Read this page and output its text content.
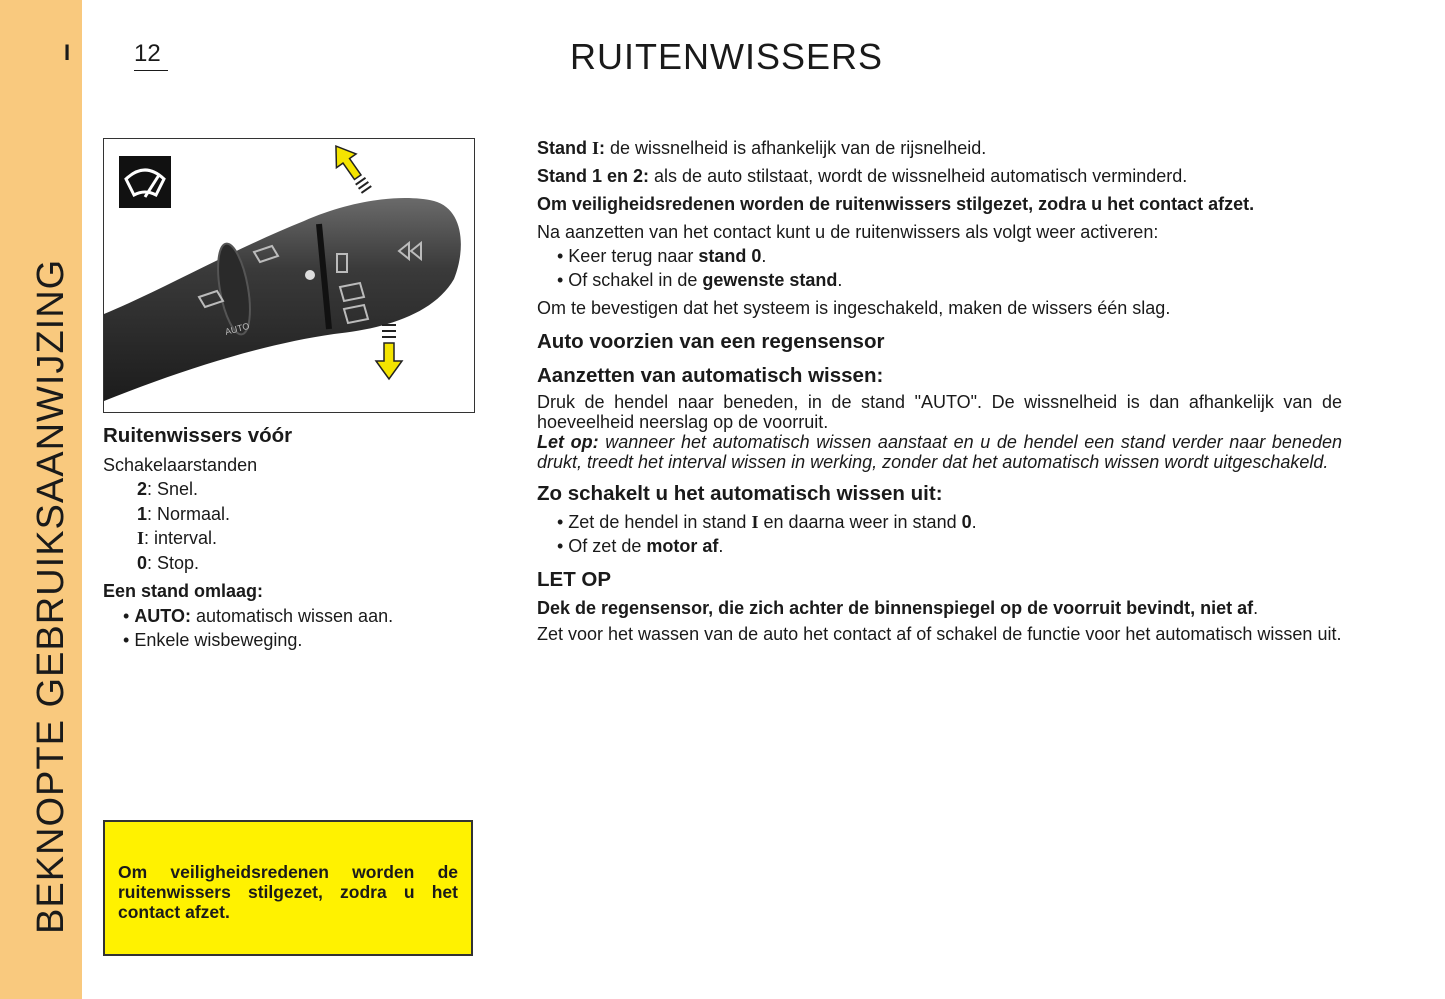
I
BEKNOPTE GEBRUIKSAANWIJZING
12	RUITENWISSERS
AUTO

Ruitenwissers vóór

Schakelaarstanden

2: Snel.

1: Normaal.

I: interval.

0: Stop.

Een stand omlaag:

• AUTO: automatisch wissen aan.

• Enkele wisbeweging.

Om veiligheidsredenen worden de ruitenwissers stilgezet, zodra u het contact afzet.

Stand I: de wissnelheid is afhankelijk van de rijsnelheid.

Stand 1 en 2: als de auto stilstaat, wordt de wissnelheid automatisch verminderd.

Om veiligheidsredenen worden de ruitenwissers stilgezet, zodra u het contact afzet.

Na aanzetten van het contact kunt u de ruitenwissers als volgt weer activeren:

• Keer terug naar stand 0.

• Of schakel in de gewenste stand.

Om te bevestigen dat het systeem is ingeschakeld, maken de wissers één slag.

Auto voorzien van een regensensor

Aanzetten van automatisch wissen:

Druk de hendel naar beneden, in de stand "AUTO". De wissnelheid is dan afhankelijk van de hoeveelheid neerslag op de voorruit.

Let op: wanneer het automatisch wissen aanstaat en u de hendel een stand verder naar beneden drukt, treedt het interval wissen in werking, zonder dat het automatisch wissen wordt uitgeschakeld.

Zo schakelt u het automatisch wissen uit:

• Zet de hendel in stand I en daarna weer in stand 0.

• Of zet de motor af.

LET OP

Dek de regensensor, die zich achter de binnenspiegel op de voorruit bevindt, niet af.

Zet voor het wassen van de auto het contact af of schakel de functie voor het automatisch wissen uit.
